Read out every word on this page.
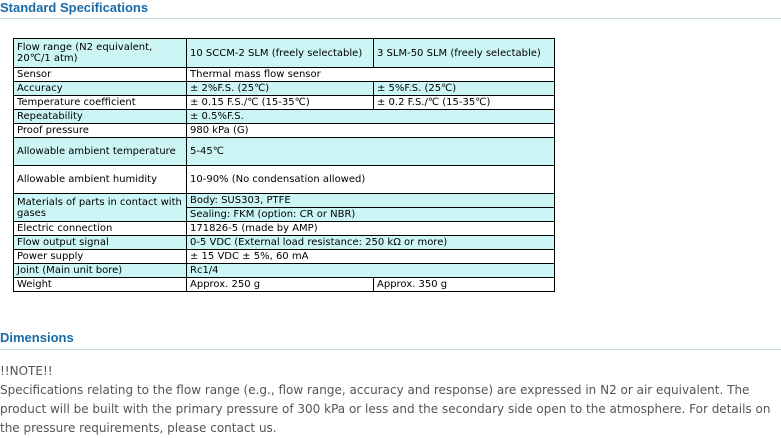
Standard Specifications
Flow range (N2 equivalent, 20℃/1 atm)	10 SCCM-2 SLM (freely selectable)	3 SLM-50 SLM (freely selectable)
Sensor	Thermal mass flow sensor	
Accuracy	± 2%F.S. (25℃)	± 5%F.S. (25℃)
Temperature coefficient	± 0.15 F.S./℃ (15-35℃)	± 0.2 F.S./℃ (15-35℃)
Repeatability	± 0.5%F.S.	
Proof pressure	980 kPa (G)	
Allowable ambient temperature	5-45℃	
Allowable ambient humidity	10-90% (No condensation allowed)	
Materials of parts in contact with gases	Body: SUS303, PTFE	
	Sealing: FKM (option: CR or NBR)	
Electric connection	171826-5 (made by AMP)	
Flow output signal	0-5 VDC (External load resistance: 250 kΩ or more)	
Power supply	± 15 VDC ± 5%, 60 mA	
Joint (Main unit bore)	Rc1/4	
Weight	Approx. 250 g	Approx. 350 g
Dimensions

!!NOTE!!

Specifications relating to the flow range (e.g., flow range, accuracy and response) are expressed in N2 or air equivalent. The product will be built with the primary pressure of 300 kPa or less and the secondary side open to the atmosphere. For details on the pressure requirements, please contact us.
